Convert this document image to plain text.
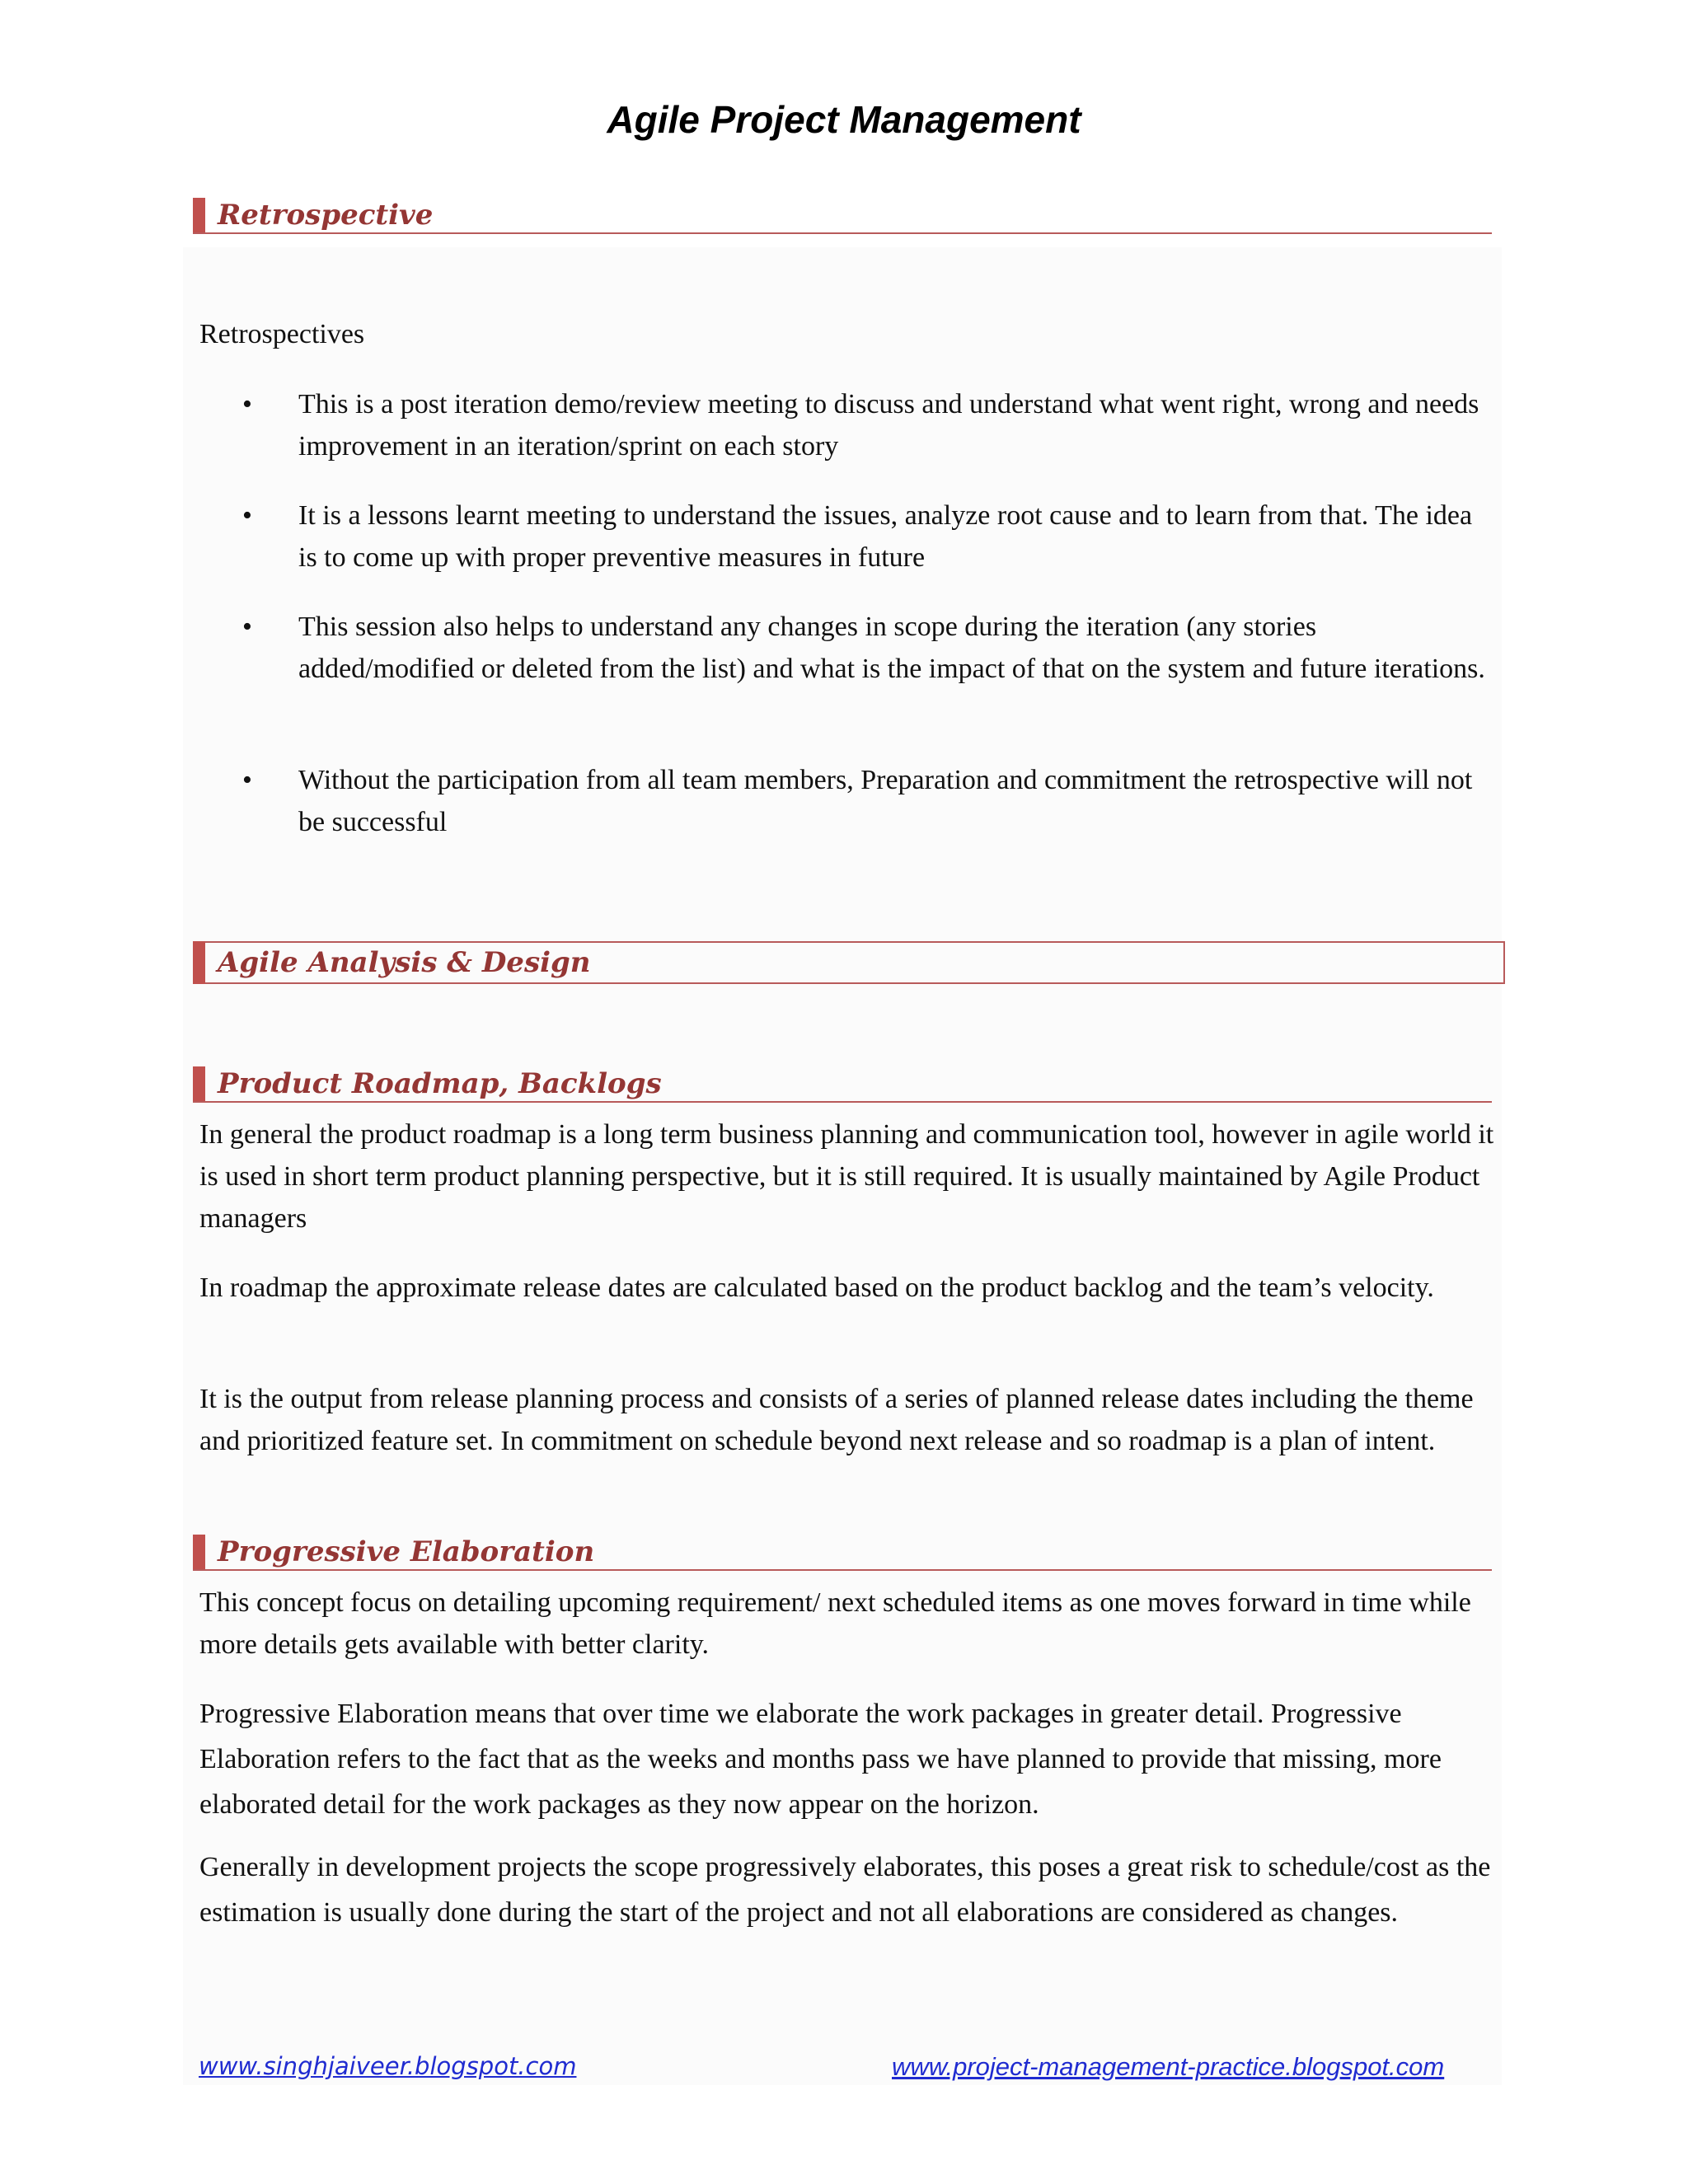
Agile Project Management
Retrospective

Retrospectives

• This is a post iteration demo/review meeting to discuss and understand what went right, wrong and needs improvement in an iteration/sprint on each story
• It is a lessons learnt meeting to understand the issues, analyze root cause and to learn from that. The idea is to come up with proper preventive measures in future
• This session also helps to understand any changes in scope during the iteration (any stories added/modified or deleted from the list) and what is the impact of that on the system and future iterations.
• Without the participation from all team members, Preparation and commitment the retrospective will not be successful
Agile Analysis & Design
Product Roadmap, Backlogs

In general the product roadmap is a long term business planning and communication tool, however in agile world it is used in short term product planning perspective, but it is still required. It is usually maintained by Agile Product managers

In roadmap the approximate release dates are calculated based on the product backlog and the team’s velocity.

It is the output from release planning process and consists of a series of planned release dates including the theme and prioritized feature set. In commitment on schedule beyond next release and so roadmap is a plan of intent.

Progressive Elaboration

This concept focus on detailing upcoming requirement/ next scheduled items as one moves forward in time while more details gets available with better clarity.

Progressive Elaboration means that over time we elaborate the work packages in greater detail. Progressive Elaboration refers to the fact that as the weeks and months pass we have planned to provide that missing, more elaborated detail for the work packages as they now appear on the horizon.

Generally in development projects the scope progressively elaborates, this poses a great risk to schedule/cost as the estimation is usually done during the start of the project and not all elaborations are considered as changes.

www.singhjaiveer.blogspot.com	www.project-management-practice.blogspot.com
